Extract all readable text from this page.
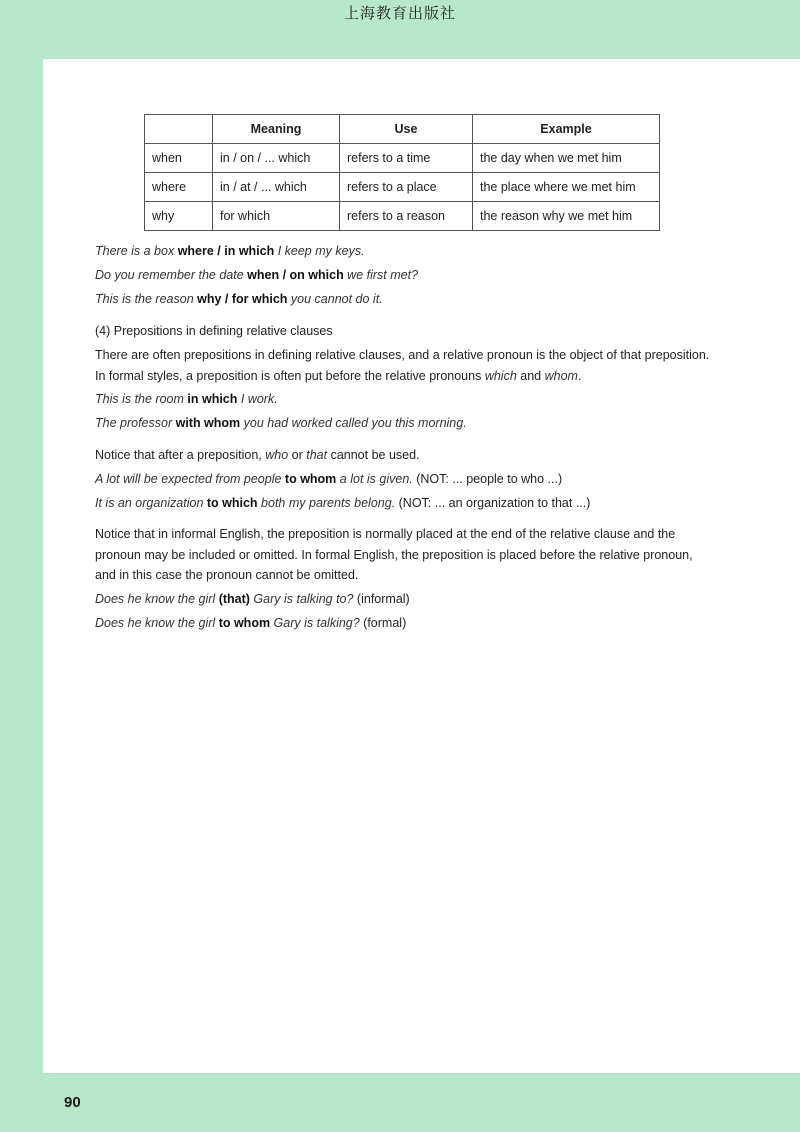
上海教育出版社
	Meaning	Use	Example
when	in / on / ... which	refers to a time	the day when we met him
where	in / at / ... which	refers to a place	the place where we met him
why	for which	refers to a reason	the reason why we met him
There is a box where / in which I keep my keys.
Do you remember the date when / on which we first met?
This is the reason why / for which you cannot do it.
(4) Prepositions in defining relative clauses
There are often prepositions in defining relative clauses, and a relative pronoun is the object of that preposition. In formal styles, a preposition is often put before the relative pronouns which and whom.
This is the room in which I work.
The professor with whom you had worked called you this morning.
Notice that after a preposition, who or that cannot be used.
A lot will be expected from people to whom a lot is given. (NOT: ... people to who ...)
It is an organization to which both my parents belong. (NOT: ... an organization to that ...)
Notice that in informal English, the preposition is normally placed at the end of the relative clause and the pronoun may be included or omitted. In formal English, the preposition is placed before the relative pronoun, and in this case the pronoun cannot be omitted.
Does he know the girl (that) Gary is talking to? (informal)
Does he know the girl to whom Gary is talking? (formal)
90
